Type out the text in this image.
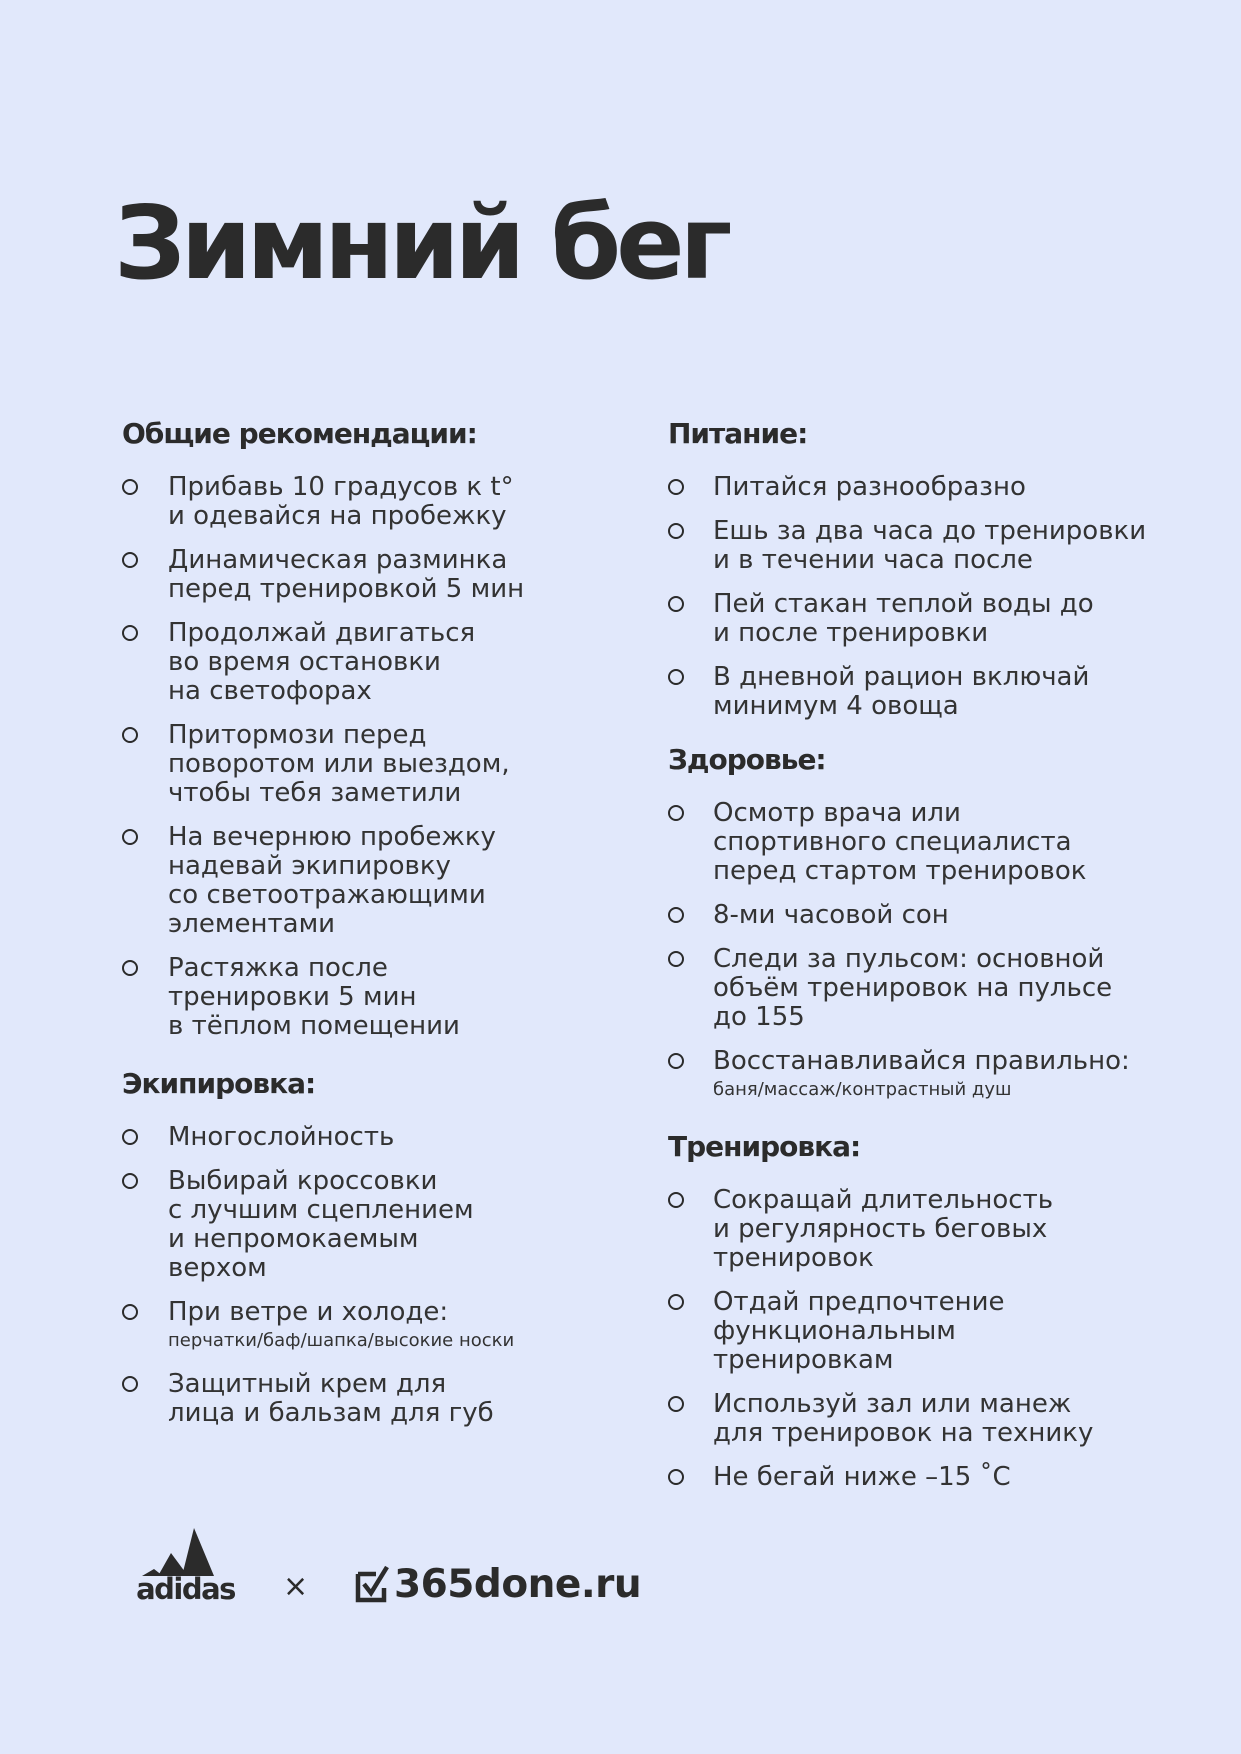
Зимний бег
Общие рекомендации:
Прибавь 10 градусов к t°
и одевайся на пробежку
Динамическая разминка
перед тренировкой 5 мин
Продолжай двигаться
во время остановки
на светофорах
Притормози перед
поворотом или выездом,
чтобы тебя заметили
На вечернюю пробежку
надевай экипировку
со светоотражающими
элементами
Растяжка после
тренировки 5 мин
в тёплом помещении
Экипировка:
Многослойность
Выбирай кроссовки
с лучшим сцеплением
и непромокаемым
верхом
При ветре и холоде:
перчатки/баф/шапка/высокие носки
Защитный крем для
лица и бальзам для губ
Питание:
Питайся разнообразно
Ешь за два часа до тренировки
и в течении часа после
Пей стакан теплой воды до
и после тренировки
В дневной рацион включай
минимум 4 овоща
Здоровье:
Осмотр врача или
спортивного специалиста
перед стартом тренировок
8-ми часовой сон
Следи за пульсом: основной
объём тренировок на пульсе
до 155
Восстанавливайся правильно:
баня/массаж/контрастный душ
Тренировка:
Сокращай длительность
и регулярность беговых
тренировок
Отдай предпочтение
функциональным
тренировкам
Используй зал или манеж
для тренировок на технику
Не бегай ниже –15 ˚С
adidas × 365done.ru
